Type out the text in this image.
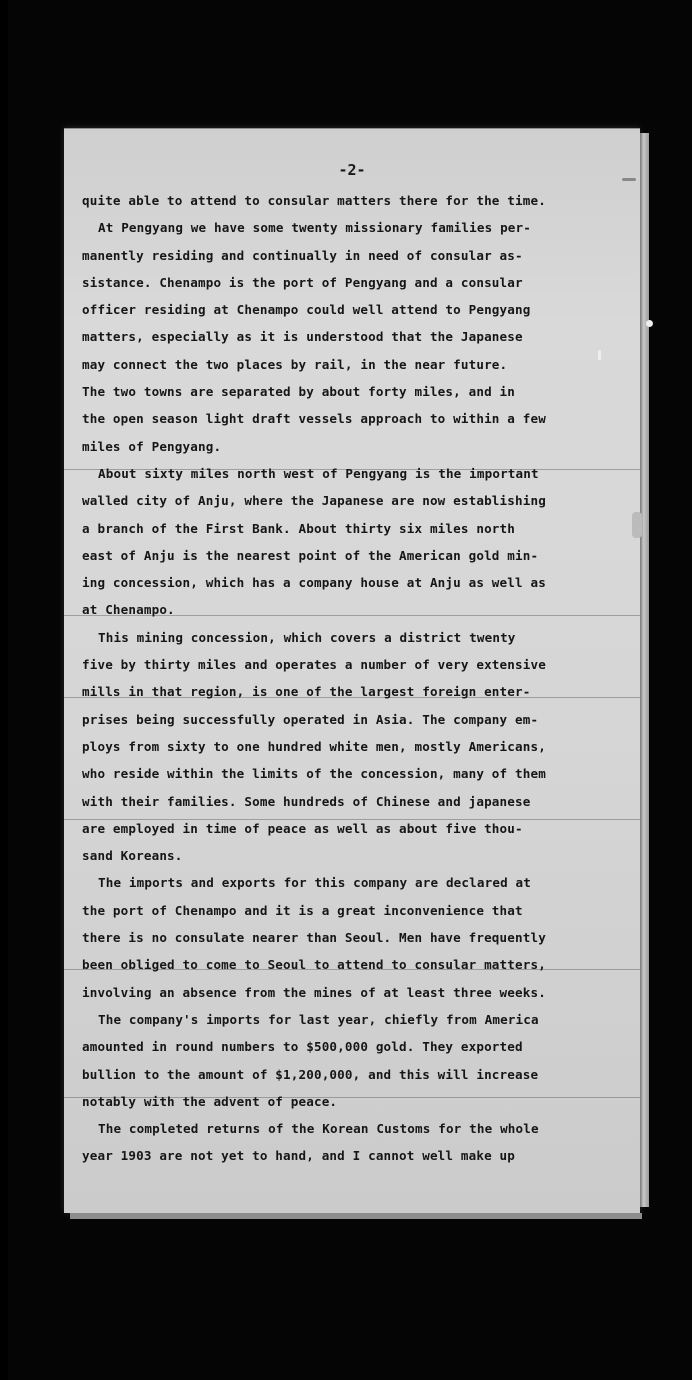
-2-
quite able to attend to consular matters there for the time.
At Pengyang we have some twenty missionary families per-
manently residing and continually in need of consular as-
sistance. Chenampo is the port of Pengyang and a consular
officer residing at Chenampo could well attend to Pengyang
matters, especially as it is understood that the Japanese
may connect the two places by rail, in the near future.
The two towns are separated by about forty miles, and in
the open season light draft vessels approach to within a few
miles of Pengyang.
About sixty miles north west of Pengyang is the important
walled city of Anju, where the Japanese are now establishing
a branch of the First Bank. About thirty six miles north
east of Anju is the nearest point of the American gold min-
ing concession, which has a company house at Anju as well as
at Chenampo.
This mining concession, which covers a district twenty
five by thirty miles and operates a number of very extensive
mills in that region, is one of the largest foreign enter-
prises being successfully operated in Asia. The company em-
ploys from sixty to one hundred white men, mostly Americans,
who reside within the limits of the concession, many of them
with their families. Some hundreds of Chinese and japanese
are employed in time of peace as well as about five thou-
sand Koreans.
The imports and exports for this company are declared at
the port of Chenampo and it is a great inconvenience that
there is no consulate nearer than Seoul. Men have frequently
been obliged to come to Seoul to attend to consular matters,
involving an absence from the mines of at least three weeks.
The company's imports for last year, chiefly from America
amounted in round numbers to $500,000 gold. They exported
bullion to the amount of $1,200,000, and this will increase
notably with the advent of peace.
The completed returns of the Korean Customs for the whole
year 1903 are not yet to hand, and I cannot well make up
